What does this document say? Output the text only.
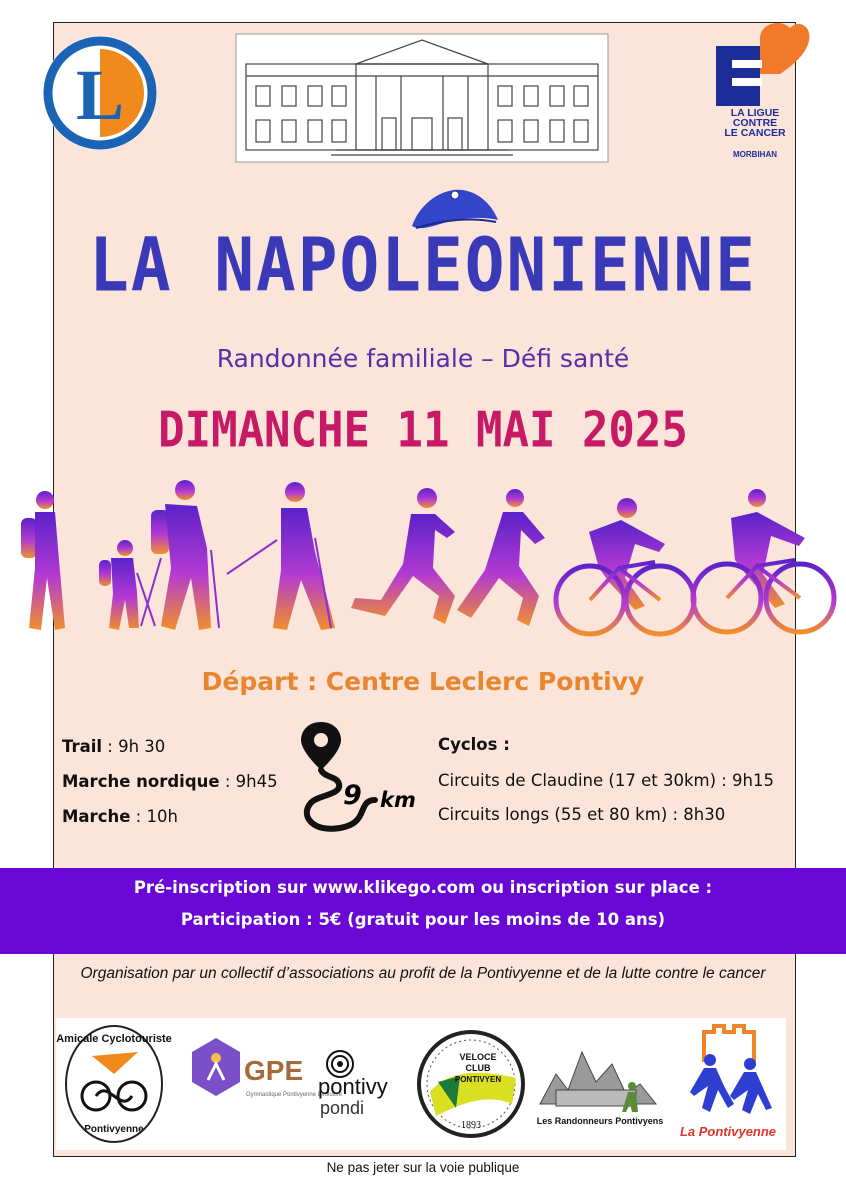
L	LA LIGUE
CONTRE
LE CANCER
MORBIHAN
LA NAPOLEONIENNE
Randonnée familiale – Défi santé
DIMANCHE 11 MAI 2025
Départ : Centre Leclerc Pontivy
Trail : 9h 30
Marche nordique : 9h45
Marche : 10h
9 km
Cyclos :
Circuits de Claudine (17 et 30km) : 9h15
Circuits longs (55 et 80 km) : 8h30
Pré-inscription sur www.klikego.com ou inscription sur place :
Participation : 5€ (gratuit pour les moins de 10 ans)
Organisation par un collectif d’associations au profit de la Pontivyenne et de la lutte contre le cancer
Amicale Cyclotouriste
Pontivyenne
GPE
Gymnastique Pontivyenne Evolutive
pontivy
pondi
VELOCE
CLUB
PONTIVYEN
1893	Les Randonneurs Pontivyens
La Pontivyenne
Ne pas jeter sur la voie publique
